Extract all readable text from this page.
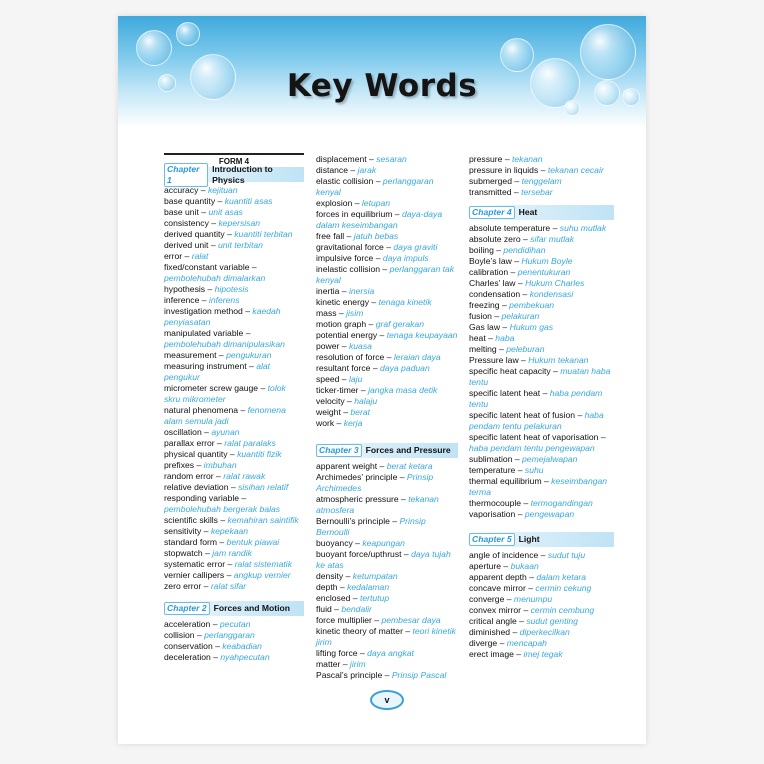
Key Words
FORM 4
Chapter 1
Introduction to Physics

accuracy – kejituan

base quantity – kuantiti asas

base unit – unit asas

consistency – kepersisan

derived quantity – kuantiti terbitan

derived unit – unit terbitan

error – ralat

fixed/constant variable – pembolehubah dimalarkan

hypothesis – hipotesis

inference – inferens

investigation method – kaedah penyiasatan

manipulated variable – pembolehubah dimanipulasikan

measurement – pengukuran

measuring instrument – alat pengukur

micrometer screw gauge – tolok skru mikrometer

natural phenomena – fenomena alam semula jadi

oscillation – ayunan

parallax error – ralat paralaks

physical quantity – kuantiti fizik

prefixes – imbuhan

random error – ralat rawak

relative deviation – sisihan relatif

responding variable – pembolehubah bergerak balas

scientific skills – kemahiran saintifik

sensitivity – kepekaan

standard form – bentuk piawai

stopwatch – jam randik

systematic error – ralat sistematik

vernier callipers – angkup vernier

zero error – ralat sifar

Chapter 2 Forces and Motion

acceleration – pecutan

collision – perlanggaran

conservation – keabadian

deceleration – nyahpecutan

displacement – sesaran

distance – jarak

elastic collision – perlanggaran kenyal

explosion – letupan

forces in equilibrium – daya-daya dalam keseimbangan

free fall – jatuh bebas

gravitational force – daya graviti

impulsive force – daya impuls

inelastic collision – perlanggaran tak kenyal

inertia – inersia

kinetic energy – tenaga kinetik

mass – jisim

motion graph – graf gerakan

potential energy – tenaga keupayaan

power – kuasa

resolution of force – leraian daya

resultant force – daya paduan

speed – laju

ticker-timer – jangka masa detik

velocity – halaju

weight – berat

work – kerja

Chapter 3 Forces and Pressure

apparent weight – berat ketara

Archimedes’ principle – Prinsip Archimedes

atmospheric pressure – tekanan atmosfera

Bernoulli’s principle – Prinsip Bernoulli

buoyancy – keapungan

buoyant force/upthrust – daya tujah ke atas

density – ketumpatan

depth – kedalaman

enclosed – tertutup

fluid – bendalir

force multiplier – pembesar daya

kinetic theory of matter – teori kinetik jirim

lifting force – daya angkat

matter – jirim

Pascal’s principle – Prinsip Pascal

pressure – tekanan

pressure in liquids – tekanan cecair

submerged – tenggelam

transmitted – tersebar

Chapter 4 Heat

absolute temperature – suhu mutlak

absolute zero – sifar mutlak

boiling – pendidihan

Boyle’s law – Hukum Boyle

calibration – penentukuran

Charles’ law – Hukum Charles

condensation – kondensasi

freezing – pembekuan

fusion – pelakuran

Gas law – Hukum gas

heat – haba

melting – peleburan

Pressure law – Hukum tekanan

specific heat capacity – muatan haba tentu

specific latent heat – haba pendam tentu

specific latent heat of fusion – haba pendam tentu pelakuran

specific latent heat of vaporisation – haba pendam tentu pengewapan

sublimation – pemejalwapan

temperature – suhu

thermal equilibrium – keseimbangan terma

thermocouple – termogandingan

vaporisation – pengewapan

Chapter 5 Light

angle of incidence – sudut tuju

aperture – bukaan

apparent depth – dalam ketara

concave mirror – cermin cekung

converge – menumpu

convex mirror – cermin cembung

critical angle – sudut genting

diminished – diperkecilkan

diverge – mencapah

erect image – imej tegak

v
